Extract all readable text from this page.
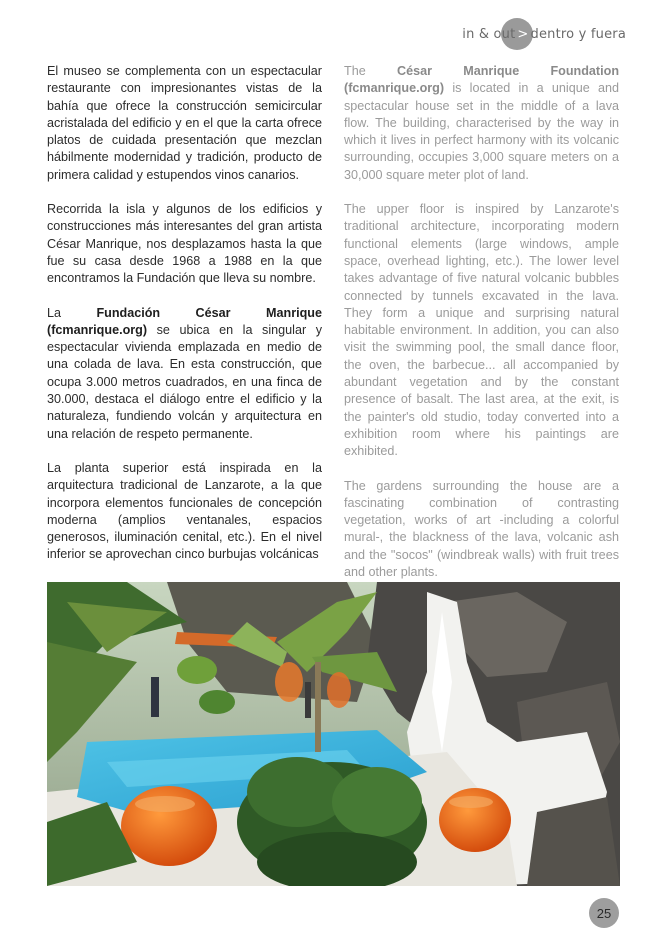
in & out > dentro y fuera

El museo se complementa con un espectacular restaurante con impresionantes vistas de la bahía que ofrece la construcción semicircular acristalada del edificio y en el que la carta ofrece platos de cuidada presentación que mezclan hábilmente modernidad y tradición, producto de primera calidad y estupendos vinos canarios.

Recorrida la isla y algunos de los edificios y construcciones más interesantes del gran artista César Manrique, nos desplazamos hasta la que fue su casa desde 1968 a 1988 en la que encontramos la Fundación que lleva su nombre.

La Fundación César Manrique (fcmanrique.org) se ubica en la singular y espectacular vivienda emplazada en medio de una colada de lava. En esta construcción, que ocupa 3.000 metros cuadrados, en una finca de 30.000, destaca el diálogo entre el edificio y la naturaleza, fundiendo volcán y arquitectura en una relación de respeto permanente.

La planta superior está inspirada en la arquitectura tradicional de Lanzarote, a la que incorpora elementos funcionales de concepción moderna (amplios ventanales, espacios generosos, iluminación cenital, etc.). En el nivel inferior se aprovechan cinco burbujas volcánicas

The César Manrique Foundation (fcmanrique.org) is located in a unique and spectacular house set in the middle of a lava flow. The building, characterised by the way in which it lives in perfect harmony with its volcanic surrounding, occupies 3,000 square meters on a 30,000 square meter plot of land.

The upper floor is inspired by Lanzarote's traditional architecture, incorporating modern functional elements (large windows, ample space, overhead lighting, etc.). The lower level takes advantage of five natural volcanic bubbles connected by tunnels excavated in the lava. They form a unique and surprising natural habitable environment. In addition, you can also visit the swimming pool, the small dance floor, the oven, the barbecue... all accompanied by abundant vegetation and by the constant presence of basalt. The last area, at the exit, is the painter's old studio, today converted into a exhibition room where his paintings are exhibited.

The gardens surrounding the house are a fascinating combination of contrasting vegetation, works of art -including a colorful mural-, the blackness of the lava, volcanic ash and the "socos" (windbreak walls) with fruit trees and other plants.

25
